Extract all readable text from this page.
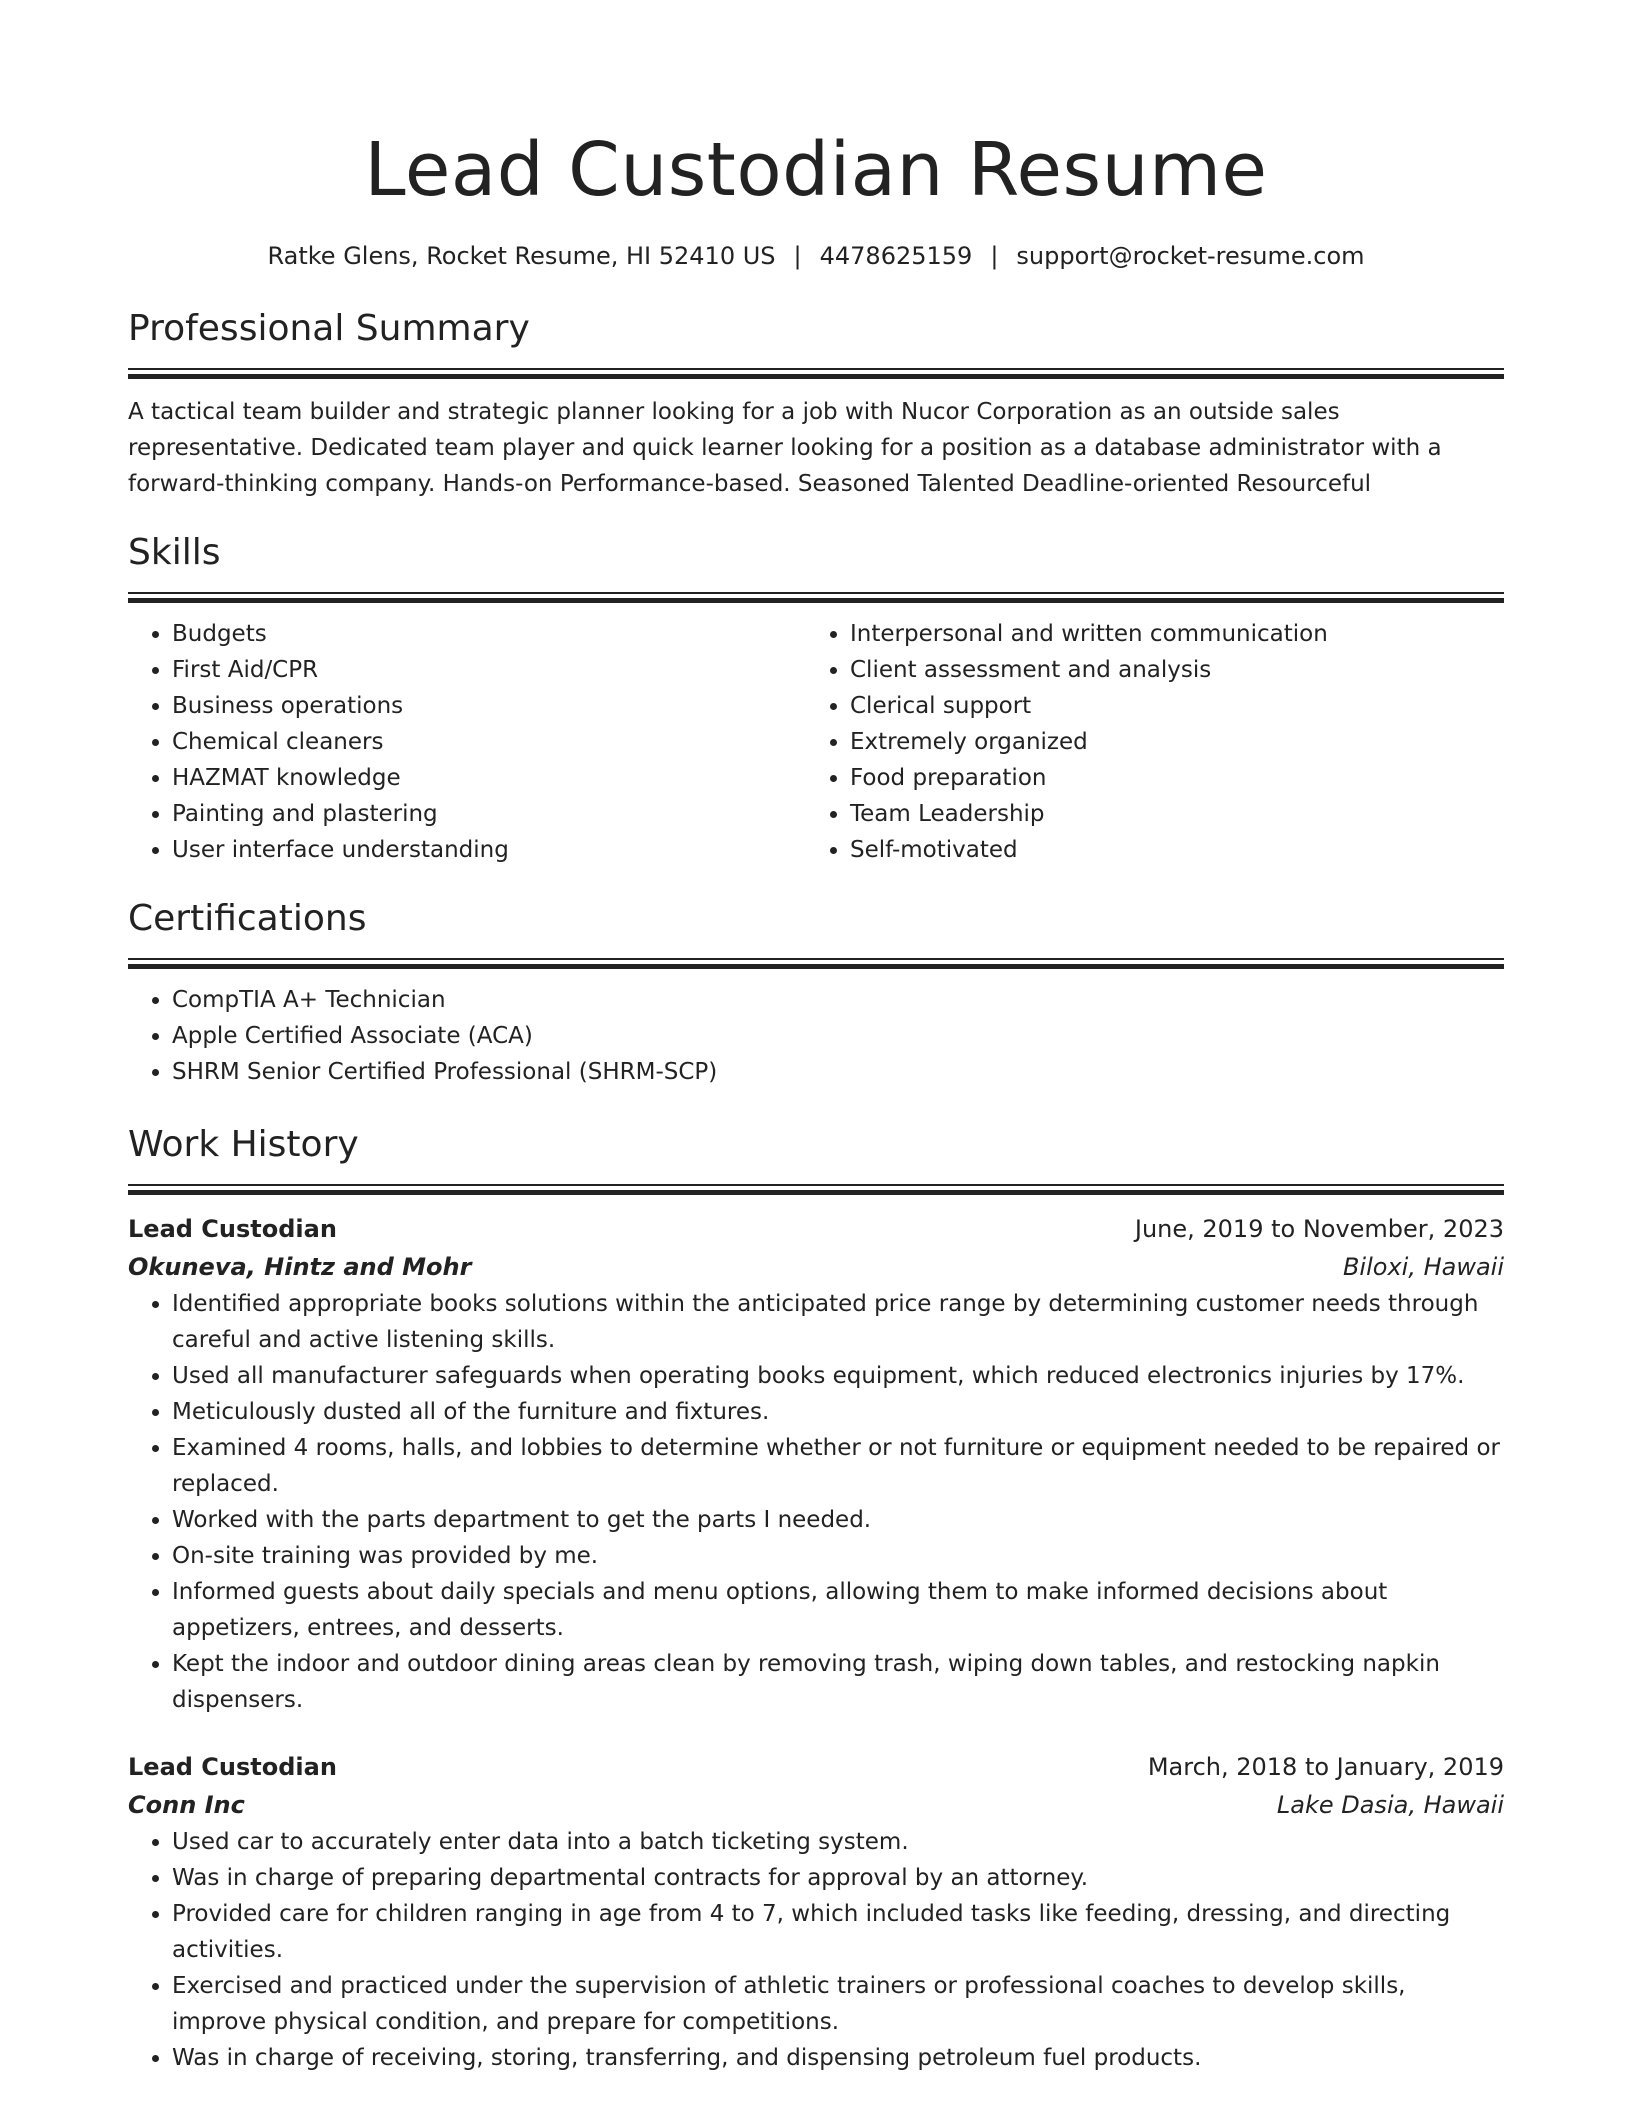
Lead Custodian Resume
Ratke Glens, Rocket Resume, HI 52410 US | 4478625159 | support@rocket-resume.com
Professional Summary
A tactical team builder and strategic planner looking for a job with Nucor Corporation as an outside sales
representative. Dedicated team player and quick learner looking for a position as a database administrator with a
forward-thinking company. Hands-on Performance-based. Seasoned Talented Deadline-oriented Resourceful
Skills
• Budgets
• First Aid/CPR
• Business operations
• Chemical cleaners
• HAZMAT knowledge
• Painting and plastering
• User interface understanding
• Interpersonal and written communication
• Client assessment and analysis
• Clerical support
• Extremely organized
• Food preparation
• Team Leadership
• Self-motivated
Certifications
• CompTIA A+ Technician
• Apple Certified Associate (ACA)
• SHRM Senior Certified Professional (SHRM-SCP)
Work History
Lead Custodian	June, 2019 to November, 2023
Okuneva, Hintz and Mohr	Biloxi, Hawaii
• Identified appropriate books solutions within the anticipated price range by determining customer needs through careful and active listening skills.
• Used all manufacturer safeguards when operating books equipment, which reduced electronics injuries by 17%.
• Meticulously dusted all of the furniture and fixtures.
• Examined 4 rooms, halls, and lobbies to determine whether or not furniture or equipment needed to be repaired or replaced.
• Worked with the parts department to get the parts I needed.
• On-site training was provided by me.
• Informed guests about daily specials and menu options, allowing them to make informed decisions about appetizers, entrees, and desserts.
• Kept the indoor and outdoor dining areas clean by removing trash, wiping down tables, and restocking napkin dispensers.
Lead Custodian	March, 2018 to January, 2019
Conn Inc	Lake Dasia, Hawaii
• Used car to accurately enter data into a batch ticketing system.
• Was in charge of preparing departmental contracts for approval by an attorney.
• Provided care for children ranging in age from 4 to 7, which included tasks like feeding, dressing, and directing activities.
• Exercised and practiced under the supervision of athletic trainers or professional coaches to develop skills, improve physical condition, and prepare for competitions.
• Was in charge of receiving, storing, transferring, and dispensing petroleum fuel products.
